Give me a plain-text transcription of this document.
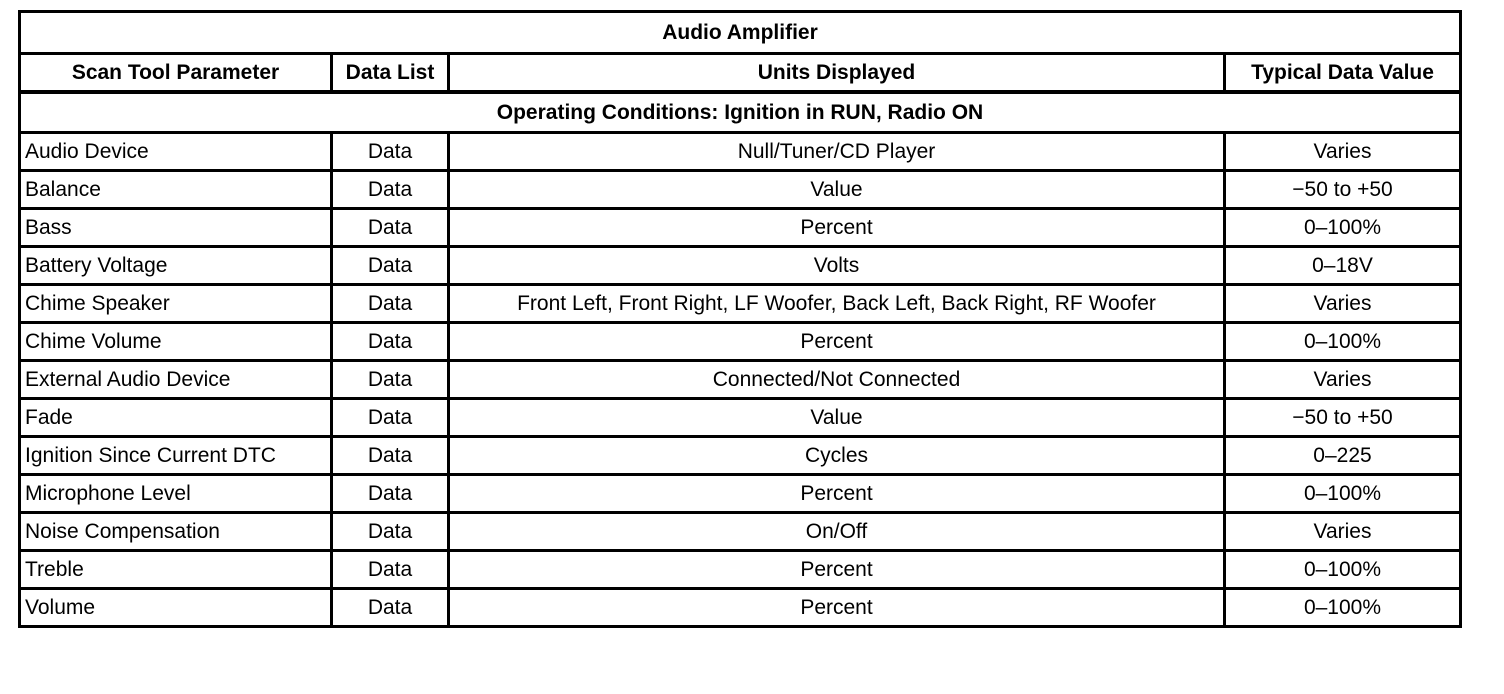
Audio Amplifier			
Scan Tool Parameter	Data List	Units Displayed	Typical Data Value
Operating Conditions: Ignition in RUN, Radio ON			
Audio Device	Data	Null/Tuner/CD Player	Varies
Balance	Data	Value	−50 to +50
Bass	Data	Percent	0–100%
Battery Voltage	Data	Volts	0–18V
Chime Speaker	Data	Front Left, Front Right, LF Woofer, Back Left, Back Right, RF Woofer	Varies
Chime Volume	Data	Percent	0–100%
External Audio Device	Data	Connected/Not Connected	Varies
Fade	Data	Value	−50 to +50
Ignition Since Current DTC	Data	Cycles	0–225
Microphone Level	Data	Percent	0–100%
Noise Compensation	Data	On/Off	Varies
Treble	Data	Percent	0–100%
Volume	Data	Percent	0–100%
